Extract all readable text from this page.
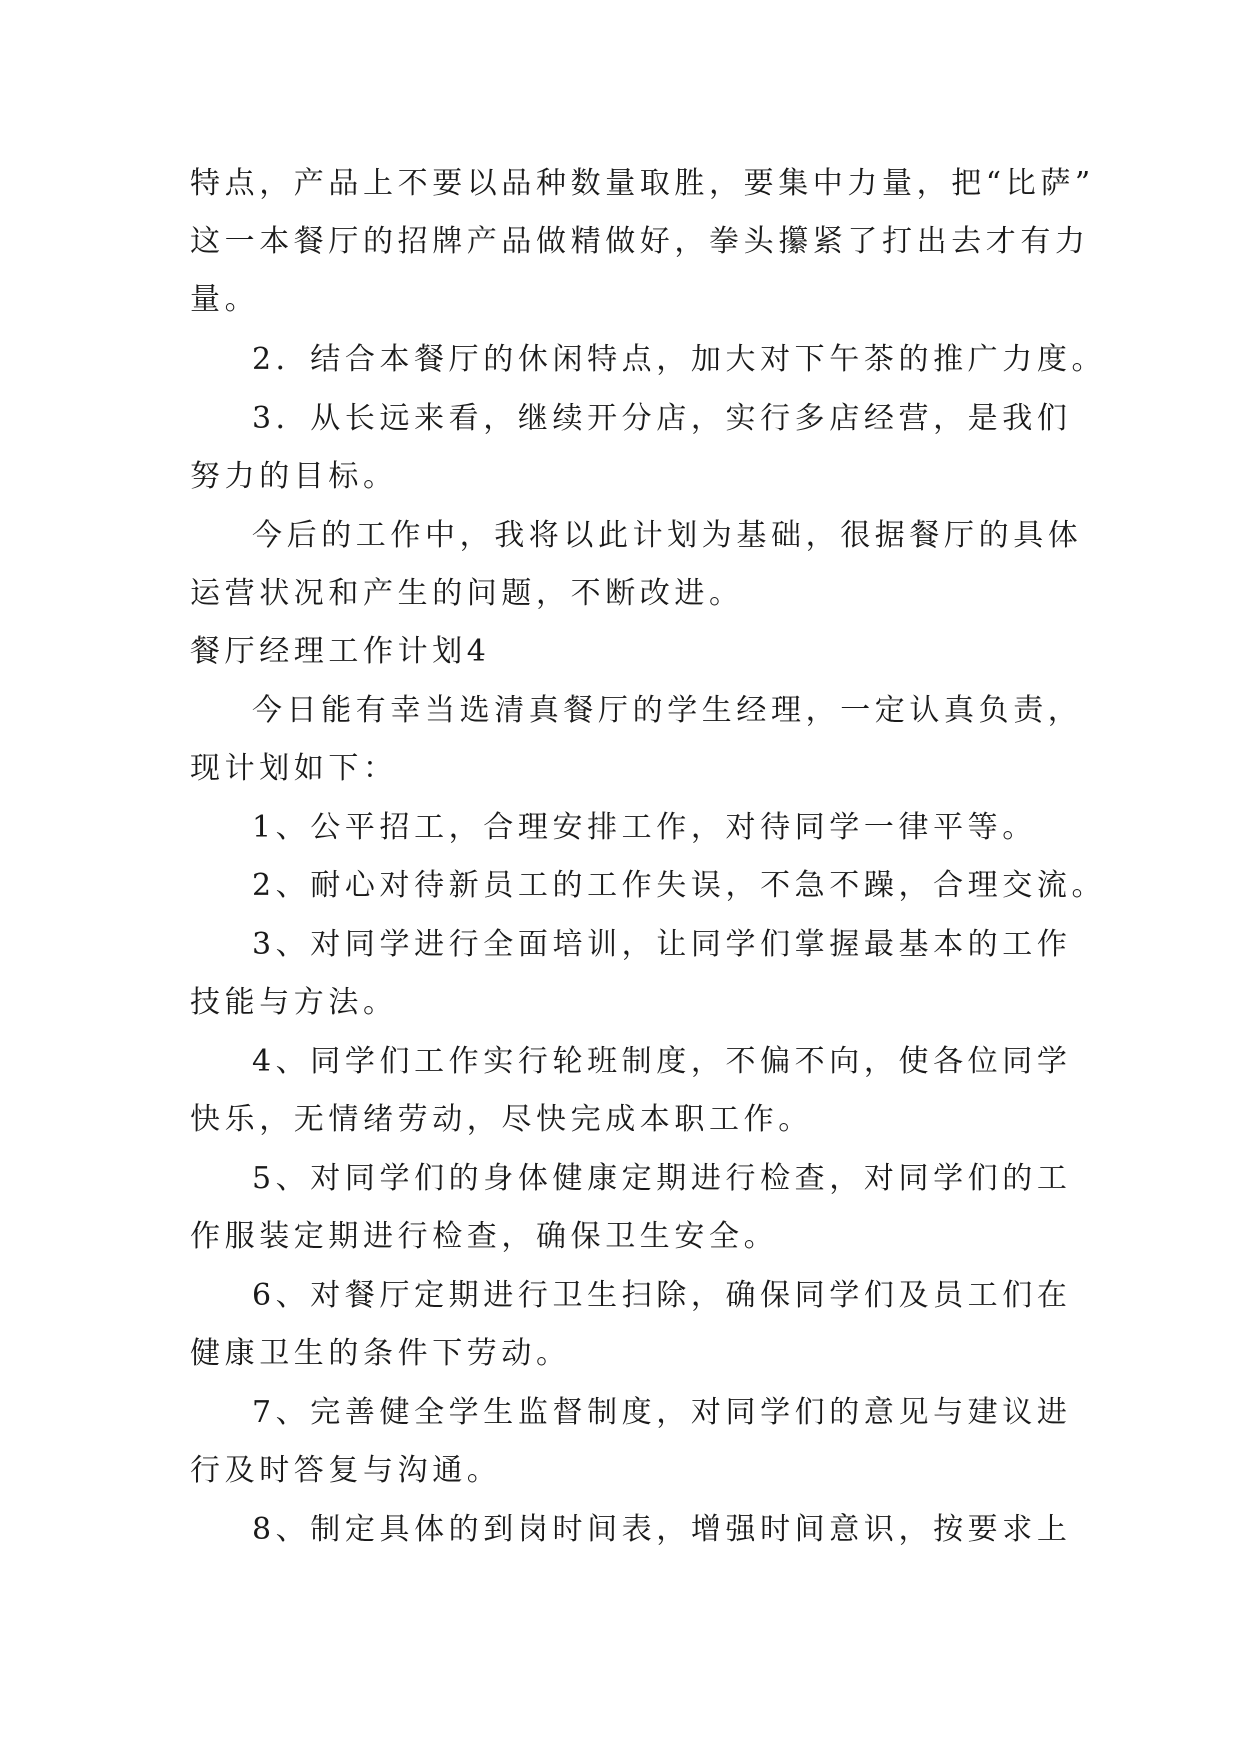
特点，产品上不要以品种数量取胜，要集中力量，把“比萨”

这一本餐厅的招牌产品做精做好，拳头攥紧了打出去才有力

量。

2．结合本餐厅的休闲特点，加大对下午茶的推广力度。

3．从长远来看，继续开分店，实行多店经营，是我们

努力的目标。

今后的工作中，我将以此计划为基础，很据餐厅的具体

运营状况和产生的问题，不断改进。

餐厅经理工作计划4

今日能有幸当选清真餐厅的学生经理，一定认真负责，

现计划如下：

1、公平招工，合理安排工作，对待同学一律平等。

2、耐心对待新员工的工作失误，不急不躁，合理交流。

3、对同学进行全面培训，让同学们掌握最基本的工作

技能与方法。

4、同学们工作实行轮班制度，不偏不向，使各位同学

快乐，无情绪劳动，尽快完成本职工作。

5、对同学们的身体健康定期进行检查，对同学们的工

作服装定期进行检查，确保卫生安全。

6、对餐厅定期进行卫生扫除，确保同学们及员工们在

健康卫生的条件下劳动。

7、完善健全学生监督制度，对同学们的意见与建议进

行及时答复与沟通。

8、制定具体的到岗时间表，增强时间意识，按要求上
